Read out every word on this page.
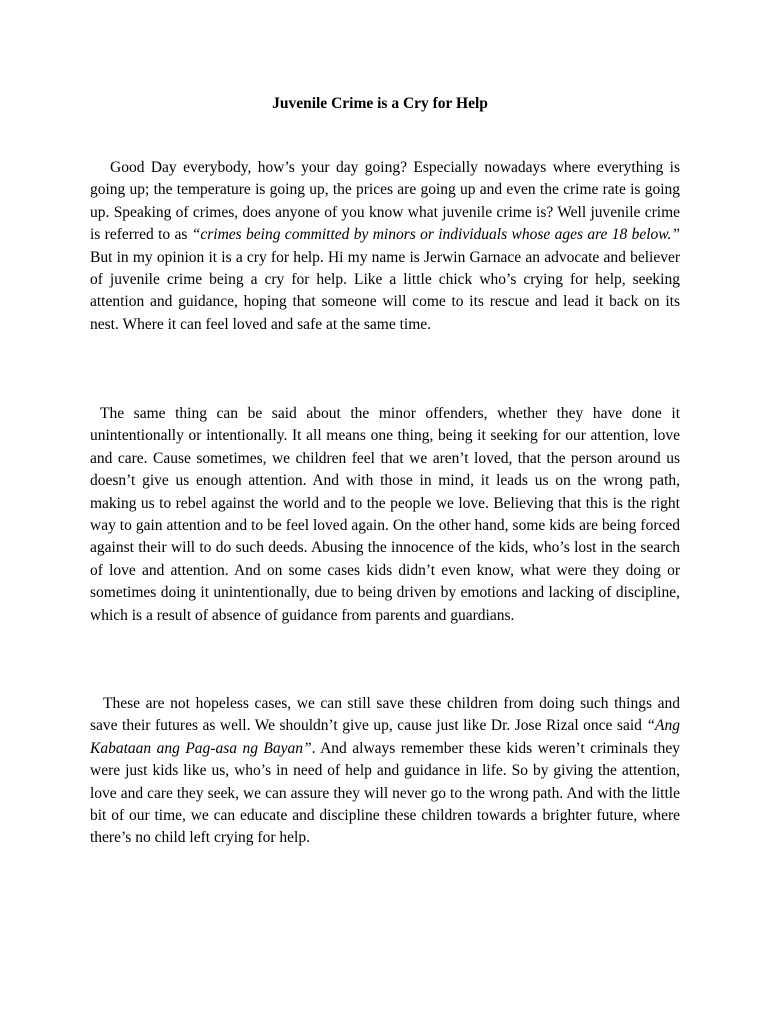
Juvenile Crime is a Cry for Help

Good Day everybody, how’s your day going? Especially nowadays where everything is going up; the temperature is going up, the prices are going up and even the crime rate is going up. Speaking of crimes, does anyone of you know what juvenile crime is? Well juvenile crime is referred to as “crimes being committed by minors or individuals whose ages are 18 below.” But in my opinion it is a cry for help. Hi my name is Jerwin Garnace an advocate and believer of juvenile crime being a cry for help. Like a little chick who’s crying for help, seeking attention and guidance, hoping that someone will come to its rescue and lead it back on its nest. Where it can feel loved and safe at the same time.

The same thing can be said about the minor offenders, whether they have done it unintentionally or intentionally. It all means one thing, being it seeking for our attention, love and care. Cause sometimes, we children feel that we aren’t loved, that the person around us doesn’t give us enough attention. And with those in mind, it leads us on the wrong path, making us to rebel against the world and to the people we love. Believing that this is the right way to gain attention and to be feel loved again. On the other hand, some kids are being forced against their will to do such deeds. Abusing the innocence of the kids, who’s lost in the search of love and attention. And on some cases kids didn’t even know, what were they doing or sometimes doing it unintentionally, due to being driven by emotions and lacking of discipline, which is a result of absence of guidance from parents and guardians.

These are not hopeless cases, we can still save these children from doing such things and save their futures as well. We shouldn’t give up, cause just like Dr. Jose Rizal once said “Ang Kabataan ang Pag-asa ng Bayan”. And always remember these kids weren’t criminals they were just kids like us, who’s in need of help and guidance in life. So by giving the attention, love and care they seek, we can assure they will never go to the wrong path. And with the little bit of our time, we can educate and discipline these children towards a brighter future, where there’s no child left crying for help.
